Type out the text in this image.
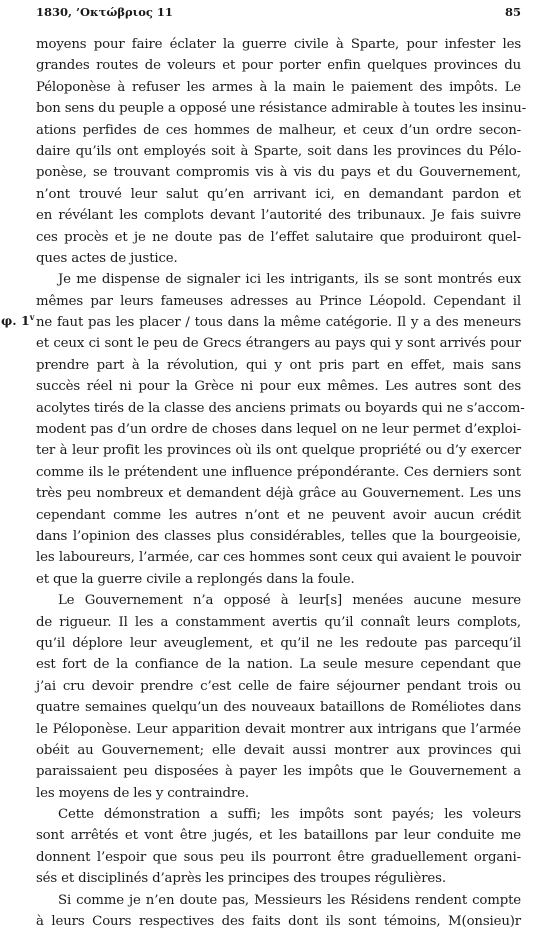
1830, ’Οκτώβριος 11	85
φ. 1$^v$
moyens pour faire éclater la guerre civile à Sparte, pour infester les
grandes routes de voleurs et pour porter enfin quelques provinces du
Péloponèse à refuser les armes à la main le paiement des impôts. Le
bon sens du peuple a opposé une résistance admirable à toutes les insinu-
ations perfides de ces hommes de malheur, et ceux d’un ordre secon-
daire qu’ils ont employés soit à Sparte, soit dans les provinces du Pélo-
ponèse, se trouvant compromis vis à vis du pays et du Gouvernement,
n’ont trouvé leur salut qu’en arrivant ici, en demandant pardon et
en révélant les complots devant l’autorité des tribunaux. Je fais suivre
ces procès et je ne doute pas de l’effet salutaire que produiront quel-
ques actes de justice.
Je me dispense de signaler ici les intrigants, ils se sont montrés eux
mêmes par leurs fameuses adresses au Prince Léopold. Cependant il
ne faut pas les placer / tous dans la même catégorie. Il y a des meneurs
et ceux ci sont le peu de Grecs étrangers au pays qui y sont arrivés pour
prendre part à la révolution, qui y ont pris part en effet, mais sans
succès réel ni pour la Grèce ni pour eux mêmes. Les autres sont des
acolytes tirés de la classe des anciens primats ou boyards qui ne s’accom-
modent pas d’un ordre de choses dans lequel on ne leur permet d’exploi-
ter à leur profit les provinces où ils ont quelque propriété ou d’y exercer
comme ils le prétendent une influence prépondérante. Ces derniers sont
très peu nombreux et demandent déjà grâce au Gouvernement. Les uns
cependant comme les autres n’ont et ne peuvent avoir aucun crédit
dans l’opinion des classes plus considérables, telles que la bourgeoisie,
les laboureurs, l’armée, car ces hommes sont ceux qui avaient le pouvoir
et que la guerre civile a replongés dans la foule.
Le Gouvernement n’a opposé à leur[s] menées aucune mesure
de rigueur. Il les a constamment avertis qu’il connaît leurs complots,
qu’il déplore leur aveuglement, et qu’il ne les redoute pas parcequ’il
est fort de la confiance de la nation. La seule mesure cependant que
j’ai cru devoir prendre c’est celle de faire séjourner pendant trois ou
quatre semaines quelqu’un des nouveaux bataillons de Roméliotes dans
le Péloponèse. Leur apparition devait montrer aux intrigans que l’armée
obéit au Gouvernement; elle devait aussi montrer aux provinces qui
paraissaient peu disposées à payer les impôts que le Gouvernement a
les moyens de les y contraindre.
Cette démonstration a suffi; les impôts sont payés; les voleurs
sont arrêtés et vont être jugés, et les bataillons par leur conduite me
donnent l’espoir que sous peu ils pourront être graduellement organi-
sés et disciplinés d’après les principes des troupes régulières.
Si comme je n’en doute pas, Messieurs les Résidens rendent compte
à leurs Cours respectives des faits dont ils sont témoins, M(onsieu)r
